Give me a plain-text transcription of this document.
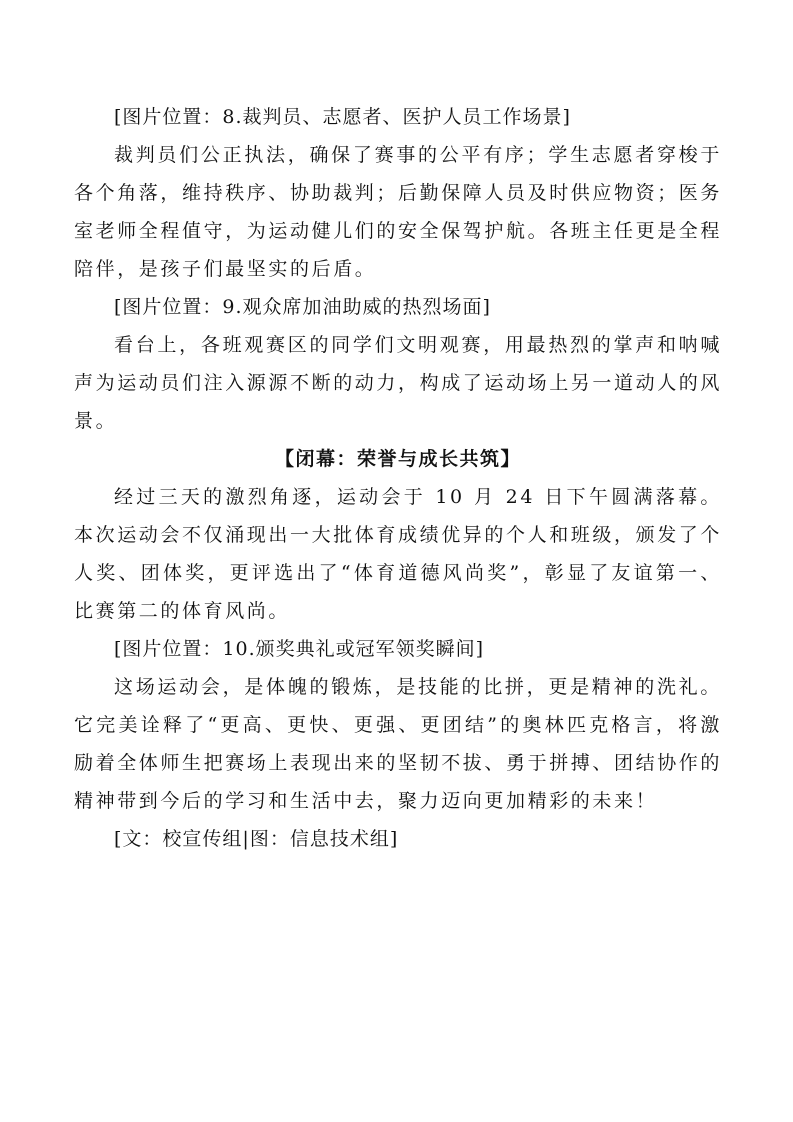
[图片位置：8.裁判员、志愿者、医护人员工作场景]

裁判员们公正执法，确保了赛事的公平有序；学生志愿者穿梭于各个角落，维持秩序、协助裁判；后勤保障人员及时供应物资；医务室老师全程值守，为运动健儿们的安全保驾护航。各班主任更是全程陪伴，是孩子们最坚实的后盾。

[图片位置：9.观众席加油助威的热烈场面]

看台上，各班观赛区的同学们文明观赛，用最热烈的掌声和呐喊声为运动员们注入源源不断的动力，构成了运动场上另一道动人的风景。

【闭幕：荣誉与成长共筑】

经过三天的激烈角逐，运动会于 10 月 24 日下午圆满落幕。本次运动会不仅涌现出一大批体育成绩优异的个人和班级，颁发了个人奖、团体奖，更评选出了“体育道德风尚奖”，彰显了友谊第一、比赛第二的体育风尚。

[图片位置：10.颁奖典礼或冠军领奖瞬间]

这场运动会，是体魄的锻炼，是技能的比拼，更是精神的洗礼。它完美诠释了“更高、更快、更强、更团结”的奥林匹克格言，将激励着全体师生把赛场上表现出来的坚韧不拔、勇于拼搏、团结协作的精神带到今后的学习和生活中去，聚力迈向更加精彩的未来！

[文：校宣传组|图：信息技术组]
